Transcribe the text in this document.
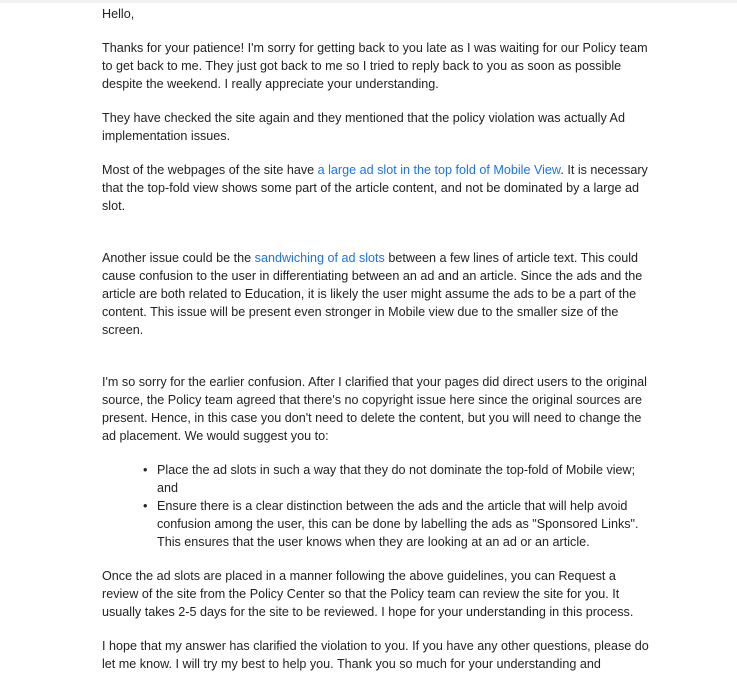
Hello,

Thanks for your patience! I'm sorry for getting back to you late as I was waiting for our Policy team to get back to me. They just got back to me so I tried to reply back to you as soon as possible despite the weekend. I really appreciate your understanding.

They have checked the site again and they mentioned that the policy violation was actually Ad implementation issues.

Most of the webpages of the site have a large ad slot in the top fold of Mobile View. It is necessary that the top-fold view shows some part of the article content, and not be dominated by a large ad slot.

Another issue could be the sandwiching of ad slots between a few lines of article text. This could cause confusion to the user in differentiating between an ad and an article. Since the ads and the article are both related to Education, it is likely the user might assume the ads to be a part of the content. This issue will be present even stronger in Mobile view due to the smaller size of the screen.

I'm so sorry for the earlier confusion. After I clarified that your pages did direct users to the original source, the Policy team agreed that there's no copyright issue here since the original sources are present. Hence, in this case you don't need to delete the content, but you will need to change the ad placement. We would suggest you to:

• Place the ad slots in such a way that they do not dominate the top-fold of Mobile view; and
• Ensure there is a clear distinction between the ads and the article that will help avoid confusion among the user, this can be done by labelling the ads as "Sponsored Links". This ensures that the user knows when they are looking at an ad or an article.

Once the ad slots are placed in a manner following the above guidelines, you can Request a review of the site from the Policy Center so that the Policy team can review the site for you. It usually takes 2-5 days for the site to be reviewed. I hope for your understanding in this process.

I hope that my answer has clarified the violation to you. If you have any other questions, please do let me know. I will try my best to help you. Thank you so much for your understanding and
